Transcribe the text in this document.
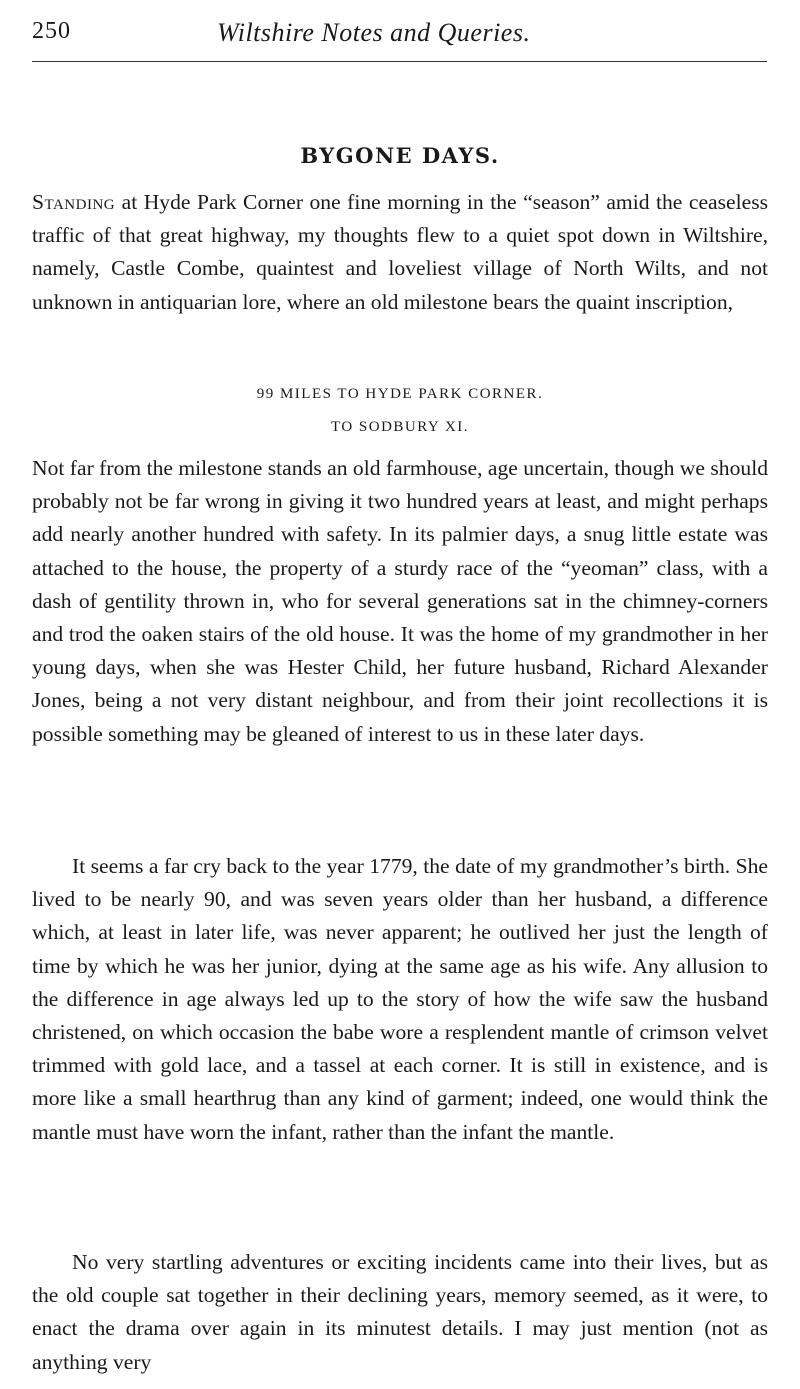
250	Wiltshire Notes and Queries.
BYGONE DAYS.

Standing at Hyde Park Corner one fine morning in the “season” amid the ceaseless traffic of that great highway, my thoughts flew to a quiet spot down in Wiltshire, namely, Castle Combe, quaintest and loveliest village of North Wilts, and not unknown in antiquarian lore, where an old milestone bears the quaint inscription,

99 MILES TO HYDE PARK CORNER.
TO SODBURY XI.

Not far from the milestone stands an old farmhouse, age uncertain, though we should probably not be far wrong in giving it two hundred years at least, and might perhaps add nearly another hundred with safety. In its palmier days, a snug little estate was attached to the house, the property of a sturdy race of the “yeoman” class, with a dash of gentility thrown in, who for several generations sat in the chimney-corners and trod the oaken stairs of the old house. It was the home of my grandmother in her young days, when she was Hester Child, her future husband, Richard Alexander Jones, being a not very distant neighbour, and from their joint recollections it is possible something may be gleaned of interest to us in these later days.

It seems a far cry back to the year 1779, the date of my grandmother’s birth. She lived to be nearly 90, and was seven years older than her husband, a difference which, at least in later life, was never apparent; he outlived her just the length of time by which he was her junior, dying at the same age as his wife. Any allusion to the difference in age always led up to the story of how the wife saw the husband christened, on which occasion the babe wore a resplendent mantle of crimson velvet trimmed with gold lace, and a tassel at each corner. It is still in existence, and is more like a small hearthrug than any kind of garment; indeed, one would think the mantle must have worn the infant, rather than the infant the mantle.

No very startling adventures or exciting incidents came into their lives, but as the old couple sat together in their declining years, memory seemed, as it were, to enact the drama over again in its minutest details. I may just mention (not as anything very
